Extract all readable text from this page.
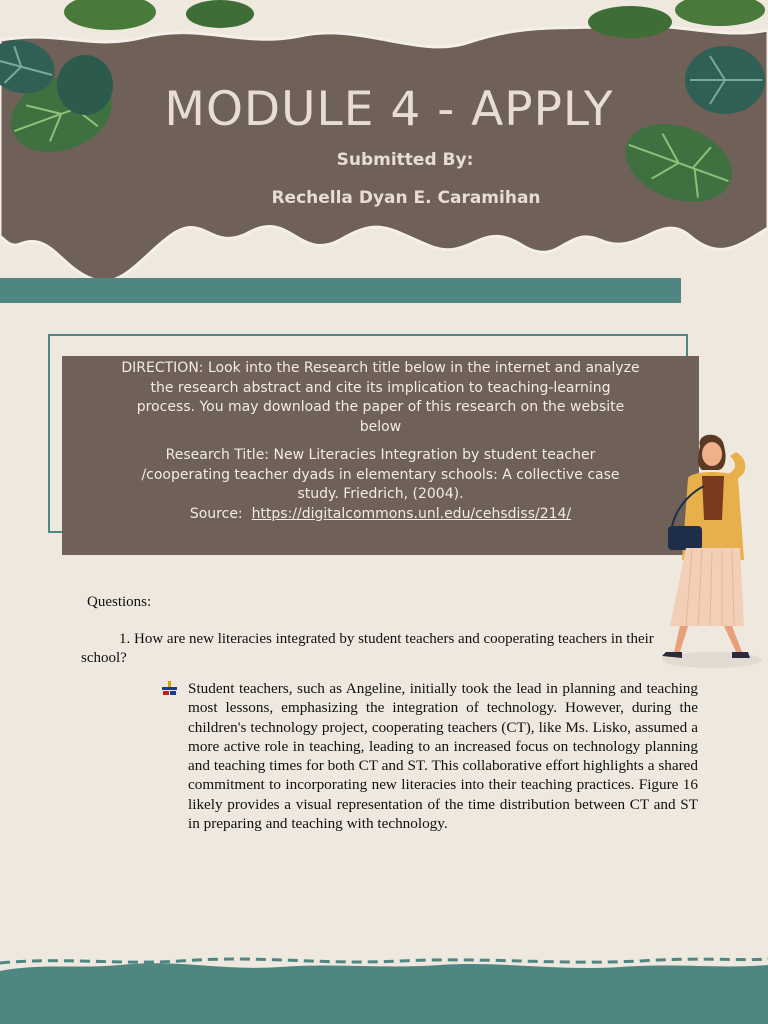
MODULE 4 - APPLY
Submitted By:
Rechella Dyan E. Caramihan

DIRECTION: Look into the Research title below in the internet and analyze the research abstract and cite its implication to teaching-learning process. You may download the paper of this research on the website below

Research Title: New Literacies Integration by student teacher /cooperating teacher dyads in elementary schools: A collective case study. Friedrich, (2004).

Source: https://digitalcommons.unl.edu/cehsdiss/214/

Questions:
1. How are new literacies integrated by student teachers and cooperating teachers in their school?
Student teachers, such as Angeline, initially took the lead in planning and teaching most lessons, emphasizing the integration of technology. However, during the children's technology project, cooperating teachers (CT), like Ms. Lisko, assumed a more active role in teaching, leading to an increased focus on technology planning and teaching times for both CT and ST. This collaborative effort highlights a shared commitment to incorporating new literacies into their teaching practices. Figure 16 likely provides a visual representation of the time distribution between CT and ST in preparing and teaching with technology.
